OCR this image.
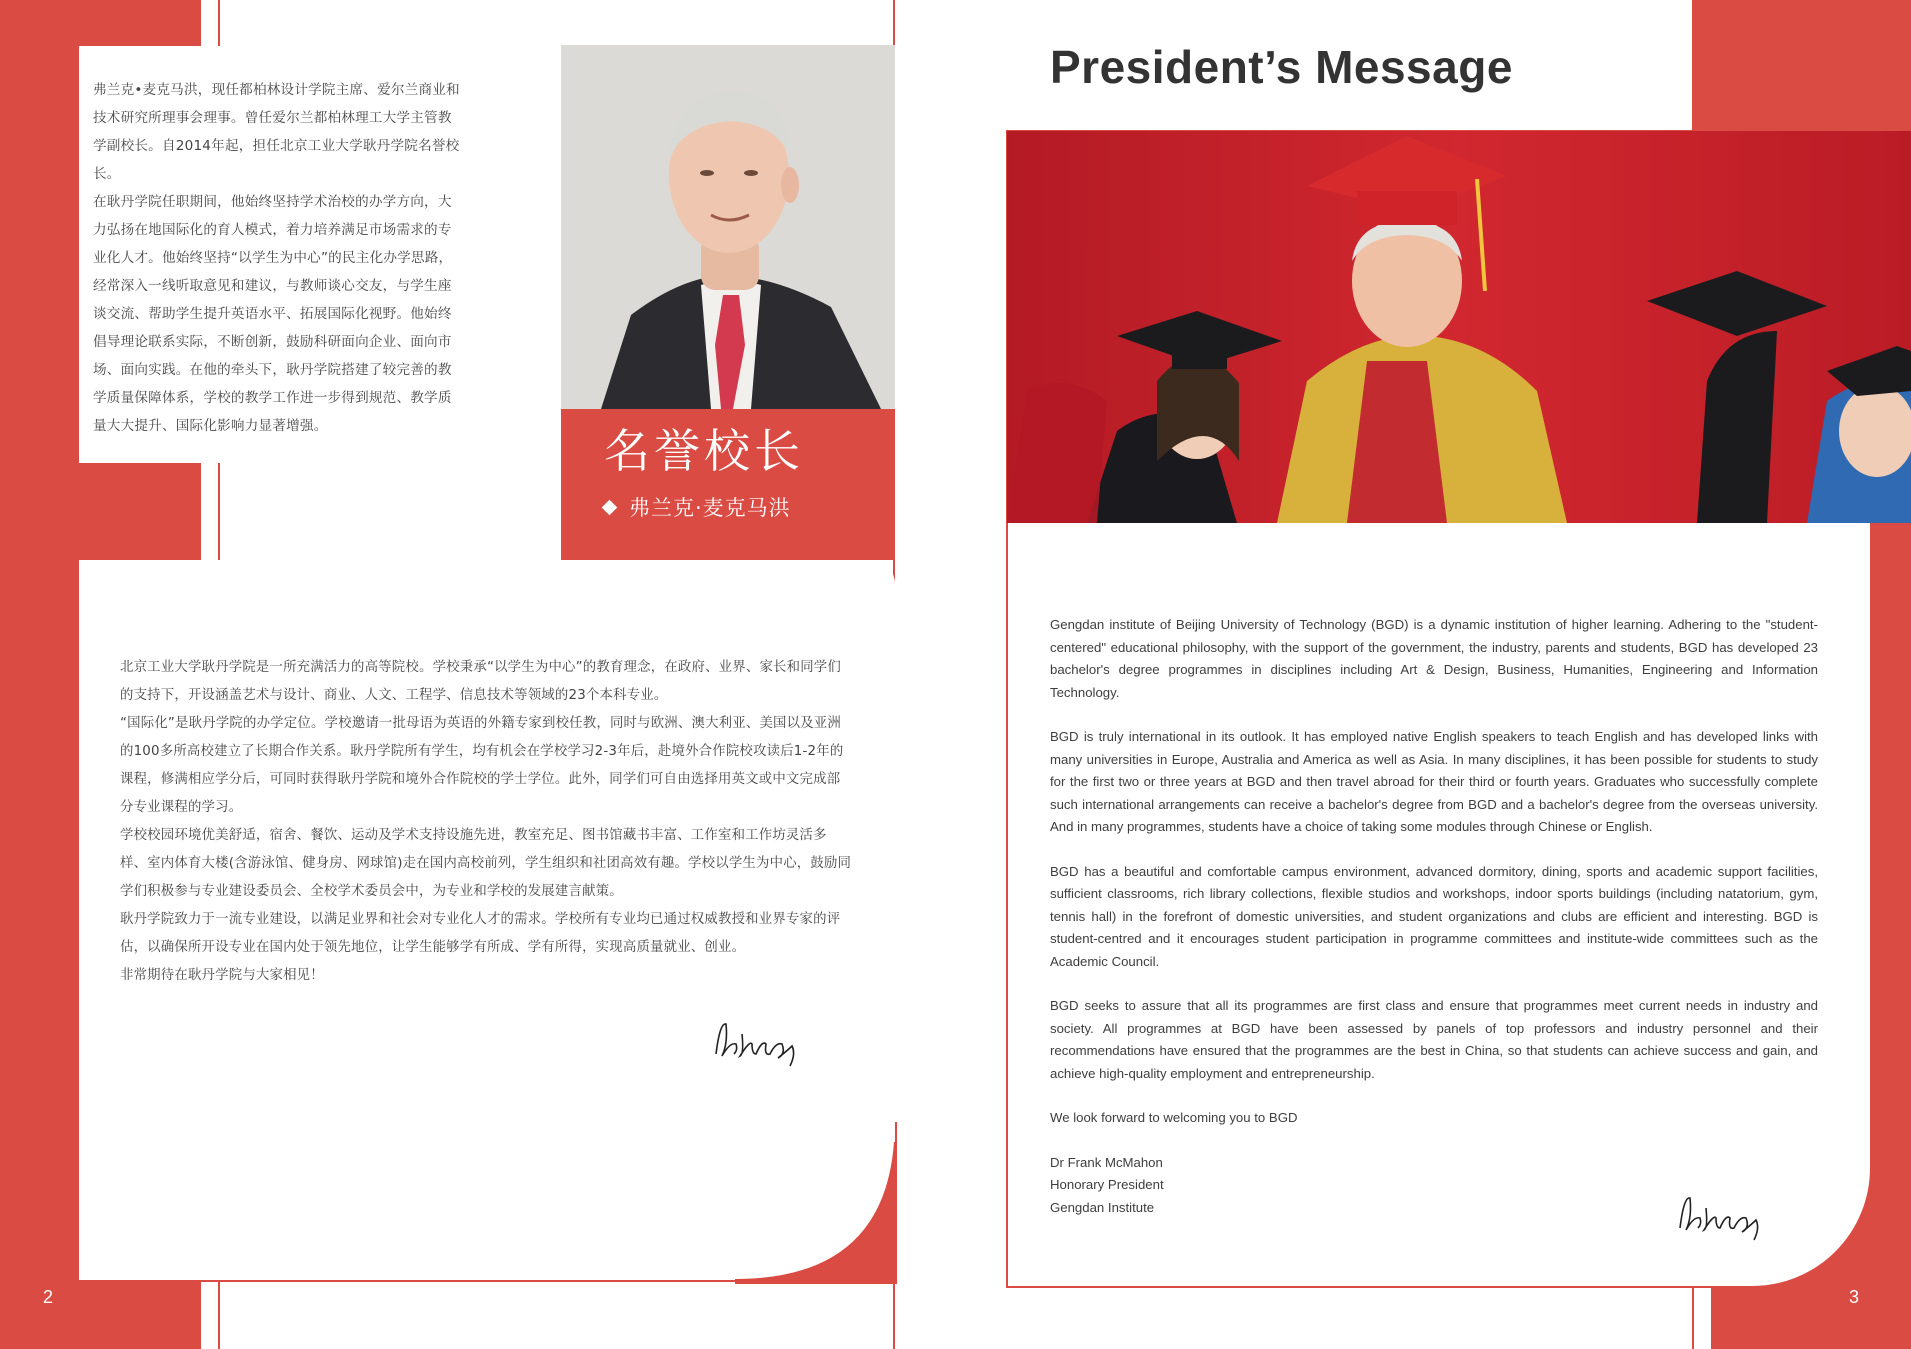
弗兰克•麦克马洪，现任都柏林设计学院主席、爱尔兰商业和技术研究所理事会理事。曾任爱尔兰都柏林理工大学主管教学副校长。自2014年起，担任北京工业大学耿丹学院名誉校长。

在耿丹学院任职期间，他始终坚持学术治校的办学方向，大力弘扬在地国际化的育人模式，着力培养满足市场需求的专业化人才。他始终坚持“以学生为中心”的民主化办学思路，经常深入一线听取意见和建议，与教师谈心交友，与学生座谈交流、帮助学生提升英语水平、拓展国际化视野。他始终倡导理论联系实际，不断创新，鼓励科研面向企业、面向市场、面向实践。在他的牵头下，耿丹学院搭建了较完善的教学质量保障体系，学校的教学工作进一步得到规范、教学质量大大提升、国际化影响力显著增强。	名誉校长
弗兰克·麦克马洪

北京工业大学耿丹学院是一所充满活力的高等院校。学校秉承“以学生为中心”的教育理念，在政府、业界、家长和同学们的支持下，开设涵盖艺术与设计、商业、人文、工程学、信息技术等领域的23个本科专业。

“国际化”是耿丹学院的办学定位。学校邀请一批母语为英语的外籍专家到校任教，同时与欧洲、澳大利亚、美国以及亚洲的100多所高校建立了长期合作关系。耿丹学院所有学生，均有机会在学校学习2-3年后，赴境外合作院校攻读后1-2年的课程，修满相应学分后，可同时获得耿丹学院和境外合作院校的学士学位。此外，同学们可自由选择用英文或中文完成部分专业课程的学习。

学校校园环境优美舒适，宿舍、餐饮、运动及学术支持设施先进，教室充足、图书馆藏书丰富、工作室和工作坊灵活多样、室内体育大楼(含游泳馆、健身房、网球馆)走在国内高校前列，学生组织和社团高效有趣。学校以学生为中心，鼓励同学们积极参与专业建设委员会、全校学术委员会中，为专业和学校的发展建言献策。

耿丹学院致力于一流专业建设，以满足业界和社会对专业化人才的需求。学校所有专业均已通过权威教授和业界专家的评估，以确保所开设专业在国内处于领先地位，让学生能够学有所成、学有所得，实现高质量就业、创业。

非常期待在耿丹学院与大家相见！

2
President’s Message

Gengdan institute of Beijing University of Technology (BGD) is a dynamic institution of higher learning. Adhering to the "student-centered" educational philosophy, with the support of the government, the industry, parents and students, BGD has developed 23 bachelor's degree programmes in disciplines including Art & Design, Business, Humanities, Engineering and Information Technology.

BGD is truly international in its outlook. It has employed native English speakers to teach English and has developed links with many universities in Europe, Australia and America as well as Asia. In many disciplines, it has been possible for students to study for the first two or three years at BGD and then travel abroad for their third or fourth years. Graduates who successfully complete such international arrangements can receive a bachelor's degree from BGD and a bachelor's degree from the overseas university. And in many programmes, students have a choice of taking some modules through Chinese or English.

BGD has a beautiful and comfortable campus environment, advanced dormitory, dining, sports and academic support facilities, sufficient classrooms, rich library collections, flexible studios and workshops, indoor sports buildings (including natatorium, gym, tennis hall) in the forefront of domestic universities, and student organizations and clubs are efficient and interesting. BGD is student-centred and it encourages student participation in programme committees and institute-wide committees such as the Academic Council.

BGD seeks to assure that all its programmes are first class and ensure that programmes meet current needs in industry and society. All programmes at BGD have been assessed by panels of top professors and industry personnel and their recommendations have ensured that the programmes are the best in China, so that students can achieve success and gain, and achieve high-quality employment and entrepreneurship.

We look forward to welcoming you to BGD

Dr Frank McMahon

Honorary President

Gengdan Institute

3
